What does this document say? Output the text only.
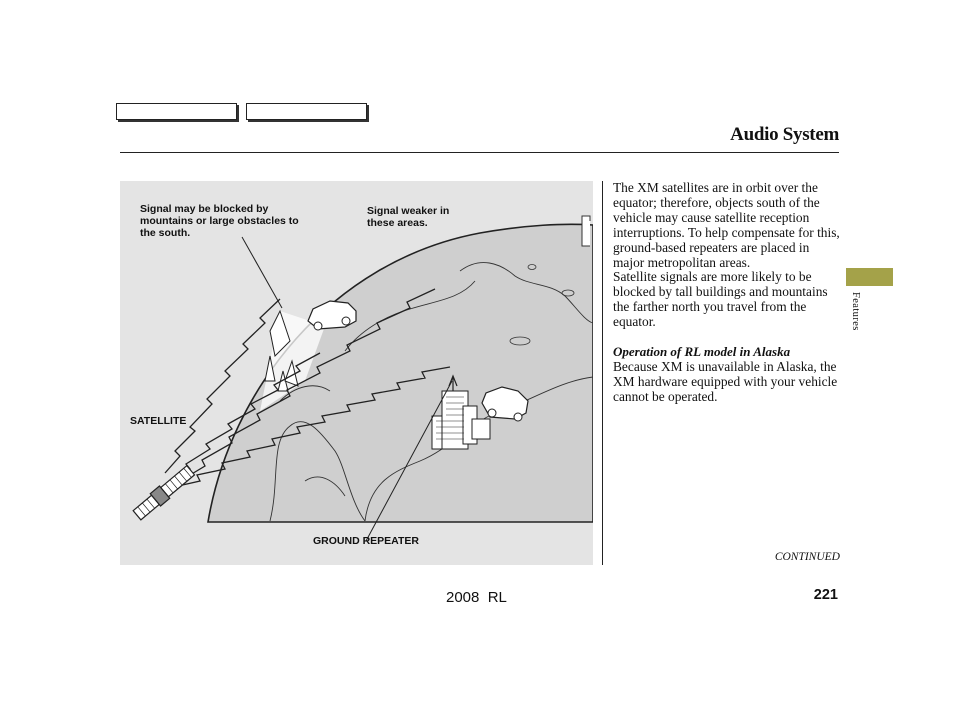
Audio System
Signal may be blocked by
mountains or large obstacles to
the south.
Signal weaker in
these areas.
SATELLITE
GROUND REPEATER

The XM satellites are in orbit over the equator; therefore, objects south of the vehicle may cause satellite reception interruptions. To help compensate for this, ground-based repeaters are placed in major metropolitan areas.

Satellite signals are more likely to be blocked by tall buildings and mountains the farther north you travel from the equator.

Operation of RL model in Alaska

Because XM is unavailable in Alaska, the XM hardware equipped with your vehicle cannot be operated.

Features
CONTINUED
2008  RL	221
